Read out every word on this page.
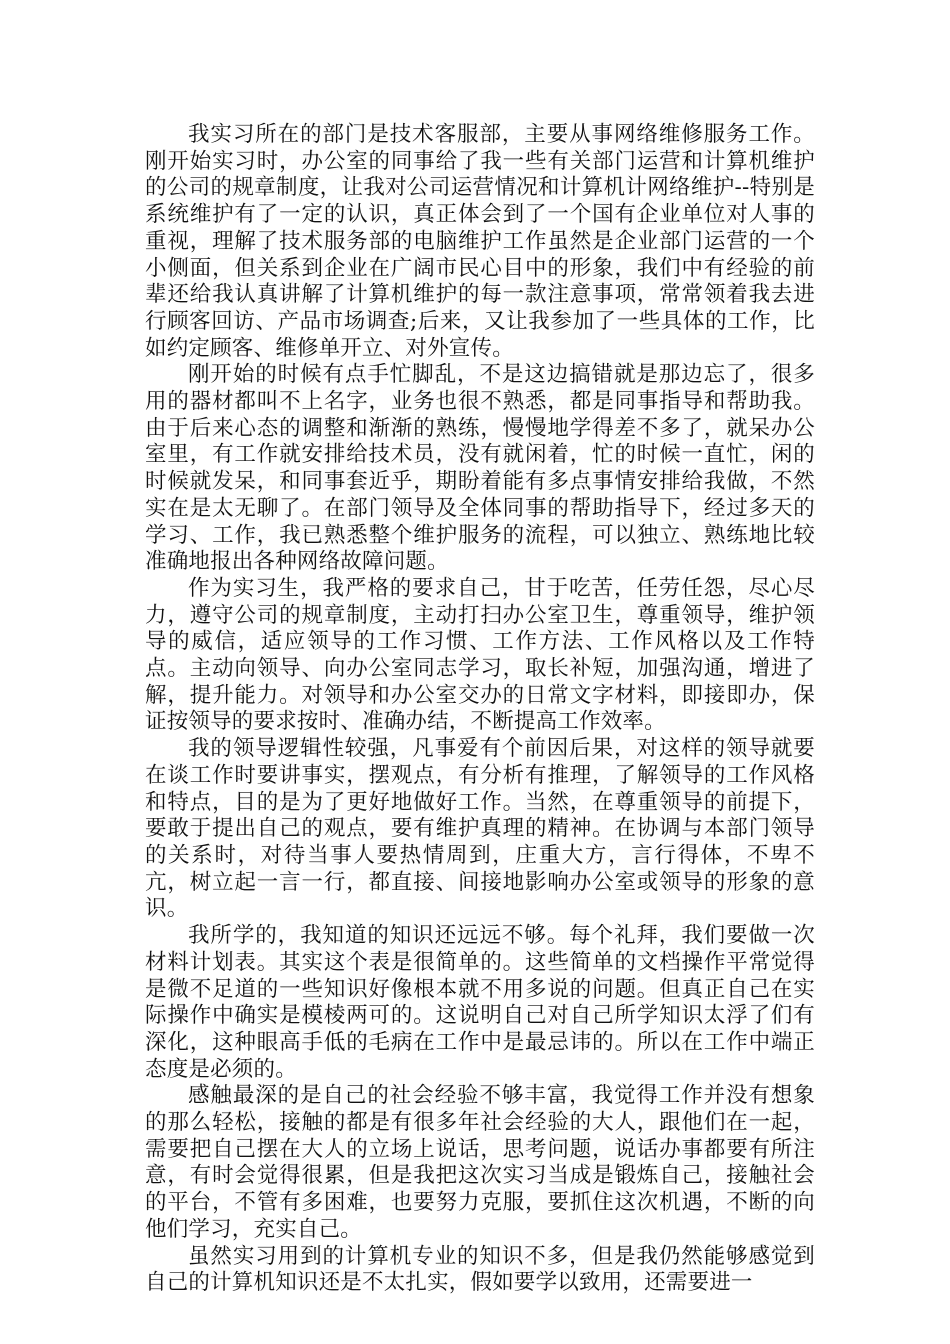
我实习所在的部门是技术客服部，主要从事网络维修服务工作。刚开始实习时，办公室的同事给了我一些有关部门运营和计算机维护的公司的规章制度，让我对公司运营情况和计算机计网络维护--特别是系统维护有了一定的认识，真正体会到了一个国有企业单位对人事的重视，理解了技术服务部的电脑维护工作虽然是企业部门运营的一个小侧面，但关系到企业在广阔市民心目中的形象，我们中有经验的前辈还给我认真讲解了计算机维护的每一款注意事项，常常领着我去进行顾客回访、产品市场调查;后来，又让我参加了一些具体的工作，比如约定顾客、维修单开立、对外宣传。

刚开始的时候有点手忙脚乱，不是这边搞错就是那边忘了，很多用的器材都叫不上名字，业务也很不熟悉，都是同事指导和帮助我。由于后来心态的调整和渐渐的熟练，慢慢地学得差不多了，就呆办公室里，有工作就安排给技术员，没有就闲着，忙的时候一直忙，闲的时候就发呆，和同事套近乎，期盼着能有多点事情安排给我做，不然实在是太无聊了。在部门领导及全体同事的帮助指导下，经过多天的学习、工作，我已熟悉整个维护服务的流程，可以独立、熟练地比较准确地报出各种网络故障问题。

作为实习生，我严格的要求自己，甘于吃苦，任劳任怨，尽心尽力，遵守公司的规章制度，主动打扫办公室卫生，尊重领导，维护领导的威信，适应领导的工作习惯、工作方法、工作风格以及工作特点。主动向领导、向办公室同志学习，取长补短，加强沟通，增进了解，提升能力。对领导和办公室交办的日常文字材料，即接即办，保证按领导的要求按时、准确办结，不断提高工作效率。

我的领导逻辑性较强，凡事爱有个前因后果，对这样的领导就要在谈工作时要讲事实，摆观点，有分析有推理，了解领导的工作风格和特点，目的是为了更好地做好工作。当然，在尊重领导的前提下，要敢于提出自己的观点，要有维护真理的精神。在协调与本部门领导的关系时，对待当事人要热情周到，庄重大方，言行得体，不卑不亢，树立起一言一行，都直接、间接地影响办公室或领导的形象的意识。

我所学的，我知道的知识还远远不够。每个礼拜，我们要做一次材料计划表。其实这个表是很简单的。这些简单的文档操作平常觉得是微不足道的一些知识好像根本就不用多说的问题。但真正自己在实际操作中确实是模棱两可的。这说明自己对自己所学知识太浮了们有深化，这种眼高手低的毛病在工作中是最忌讳的。所以在工作中端正态度是必须的。

感触最深的是自己的社会经验不够丰富，我觉得工作并没有想象的那么轻松，接触的都是有很多年社会经验的大人，跟他们在一起，需要把自己摆在大人的立场上说话，思考问题，说话办事都要有所注意，有时会觉得很累，但是我把这次实习当成是锻炼自己，接触社会的平台，不管有多困难，也要努力克服，要抓住这次机遇，不断的向他们学习，充实自己。

虽然实习用到的计算机专业的知识不多，但是我仍然能够感觉到自己的计算机知识还是不太扎实，假如要学以致用，还需要进一
